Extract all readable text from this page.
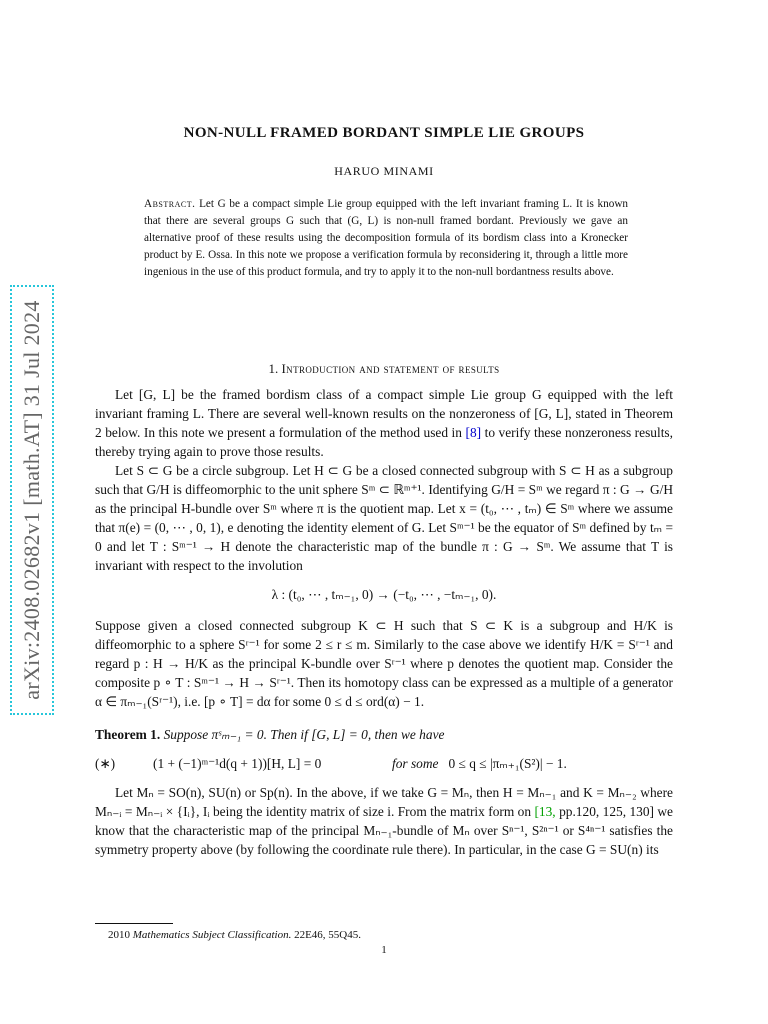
arXiv:2408.02682v1 [math.AT] 31 Jul 2024
NON-NULL FRAMED BORDANT SIMPLE LIE GROUPS
HARUO MINAMI
Abstract. Let G be a compact simple Lie group equipped with the left invariant framing L. It is known that there are several groups G such that (G, L) is non-null framed bordant. Previously we gave an alternative proof of these results using the decomposition formula of its bordism class into a Kronecker product by E. Ossa. In this note we propose a verification formula by reconsidering it, through a little more ingenious in the use of this product formula, and try to apply it to the non-null bordantness results above.
1. Introduction and statement of results

Let [G, L] be the framed bordism class of a compact simple Lie group G equipped with the left invariant framing L. There are several well-known results on the nonzeroness of [G, L], stated in Theorem 2 below. In this note we present a formulation of the method used in [8] to verify these nonzeroness results, thereby trying again to prove those results.

Let S ⊂ G be a circle subgroup. Let H ⊂ G be a closed connected subgroup with S ⊂ H as a subgroup such that G/H is diffeomorphic to the unit sphere Sᵐ ⊂ ℝᵐ⁺¹. Identifying G/H = Sᵐ we regard π : G → G/H as the principal H-bundle over Sᵐ where π is the quotient map. Let x = (t₀, ⋯ , tₘ) ∈ Sᵐ where we assume that π(e) = (0, ⋯ , 0, 1), e denoting the identity element of G. Let Sᵐ⁻¹ be the equator of Sᵐ defined by tₘ = 0 and let T : Sᵐ⁻¹ → H denote the characteristic map of the bundle π : G → Sᵐ. We assume that T is invariant with respect to the involution

λ : (t₀, ⋯ , tₘ₋₁, 0) → (−t₀, ⋯ , −tₘ₋₁, 0).

Suppose given a closed connected subgroup K ⊂ H such that S ⊂ K is a subgroup and H/K is diffeomorphic to a sphere Sʳ⁻¹ for some 2 ≤ r ≤ m. Similarly to the case above we identify H/K = Sʳ⁻¹ and regard p : H → H/K as the principal K-bundle over Sʳ⁻¹ where p denotes the quotient map. Consider the composite p ∘ T : Sᵐ⁻¹ → H → Sʳ⁻¹. Then its homotopy class can be expressed as a multiple of a generator α ∈ πₘ₋₁(Sʳ⁻¹), i.e. [p ∘ T] = dα for some 0 ≤ d ≤ ord(α) − 1.

Theorem 1. Suppose πˢₘ₋₁ = 0. Then if [G, L] = 0, then we have
(∗)	(1 + (−1)ᵐ⁻¹d(q + 1))[H, L] = 0	for some 0 ≤ q ≤ |πₘ₊₁(S²)| − 1.

Let Mₙ = SO(n), SU(n) or Sp(n). In the above, if we take G = Mₙ, then H = Mₙ₋₁ and K = Mₙ₋₂ where Mₙ₋ᵢ = Mₙ₋ᵢ × {Iᵢ}, Iᵢ being the identity matrix of size i. From the matrix form on [13, pp.120, 125, 130] we know that the characteristic map of the principal Mₙ₋₁-bundle of Mₙ over Sⁿ⁻¹, S²ⁿ⁻¹ or S⁴ⁿ⁻¹ satisfies the symmetry property above (by following the coordinate rule there). In particular, in the case G = SU(n) its

2010 Mathematics Subject Classification. 22E46, 55Q45.
1
